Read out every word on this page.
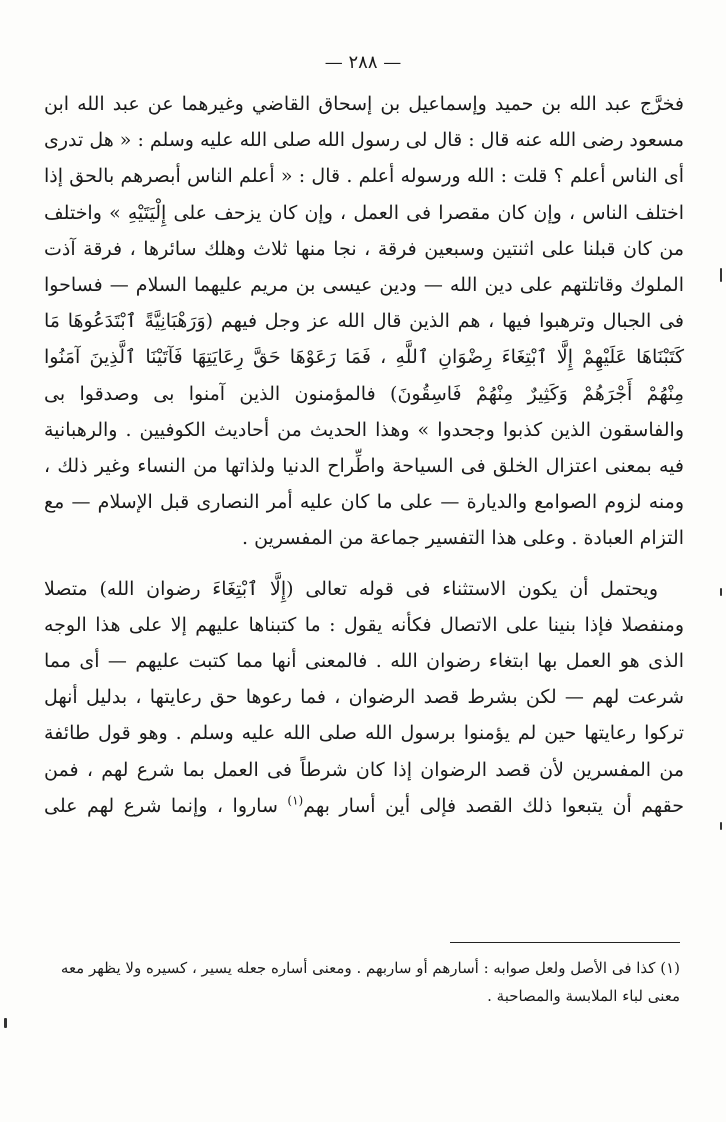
— ٢٨٨ —

فخرَّج عبد الله بن حميد وإسماعيل بن إسحاق القاضي وغيرهما عن عبد الله ابن مسعود رضى الله عنه قال : قال لى رسول الله صلى الله عليه وسلم : « هل تدرى أى الناس أعلم ؟ قلت : الله ورسوله أعلم . قال : « أعلم الناس أبصرهم بالحق إذا اختلف الناس ، وإن كان مقصرا فى العمل ، وإن كان يزحف على إِلْيَتَيْهِ » واختلف من كان قبلنا على اثنتين وسبعين فرقة ، نجا منها ثلاث وهلك سائرها ، فرقة آذت الملوك وقاتلتهم على دين الله — ودين عيسى بن مريم عليهما السلام — فساحوا فى الجبال وترهبوا فيها ، هم الذين قال الله عز وجل فيهم (وَرَهْبَانِيَّةً ٱبْتَدَعُوهَا مَا كَتَبْنَاهَا عَلَيْهِمْ إِلَّا ٱبْتِغَاءَ رِضْوَانِ ٱللَّهِ ، فَمَا رَعَوْهَا حَقَّ رِعَايَتِهَا فَآتَيْنَا ٱلَّذِينَ آمَنُوا مِنْهُمْ أَجْرَهُمْ وَكَثِيرٌ مِنْهُمْ فَاسِقُونَ) فالمؤمنون الذين آمنوا بى وصدقوا بى والفاسقون الذين كذبوا وجحدوا » وهذا الحديث من أحاديث الكوفيين . والرهبانية فيه بمعنى اعتزال الخلق فى السياحة واطِّراح الدنيا ولذاتها من النساء وغير ذلك ، ومنه لزوم الصوامع والديارة — على ما كان عليه أمر النصارى قبل الإسلام — مع التزام العبادة . وعلى هذا التفسير جماعة من المفسرين .

ويحتمل أن يكون الاستثناء فى قوله تعالى (إِلَّا ٱبْتِغَاءَ رضوان الله) متصلا ومنفصلا فإذا بنينا على الاتصال فكأنه يقول : ما كتبناها عليهم إلا على هذا الوجه الذى هو العمل بها ابتغاء رضوان الله . فالمعنى أنها مما كتبت عليهم — أى مما شرعت لهم — لكن بشرط قصد الرضوان ، فما رعوها حق رعايتها ، بدليل أنهل تركوا رعايتها حين لم يؤمنوا برسول الله صلى الله عليه وسلم . وهو قول طائفة من المفسرين لأن قصد الرضوان إذا كان شرطاً فى العمل بما شرع لهم ، فمن حقهم أن يتبعوا ذلك القصد فإلى أين أسار بهم$^{(١)}$ ساروا ، وإنما شرع لهم على

(١) كذا فى الأصل ولعل صوابه : أسارهم أو ساربهم . ومعنى أساره جعله يسير ، كسيره ولا يظهر معه معنى لباء الملابسة والمصاحبة .
